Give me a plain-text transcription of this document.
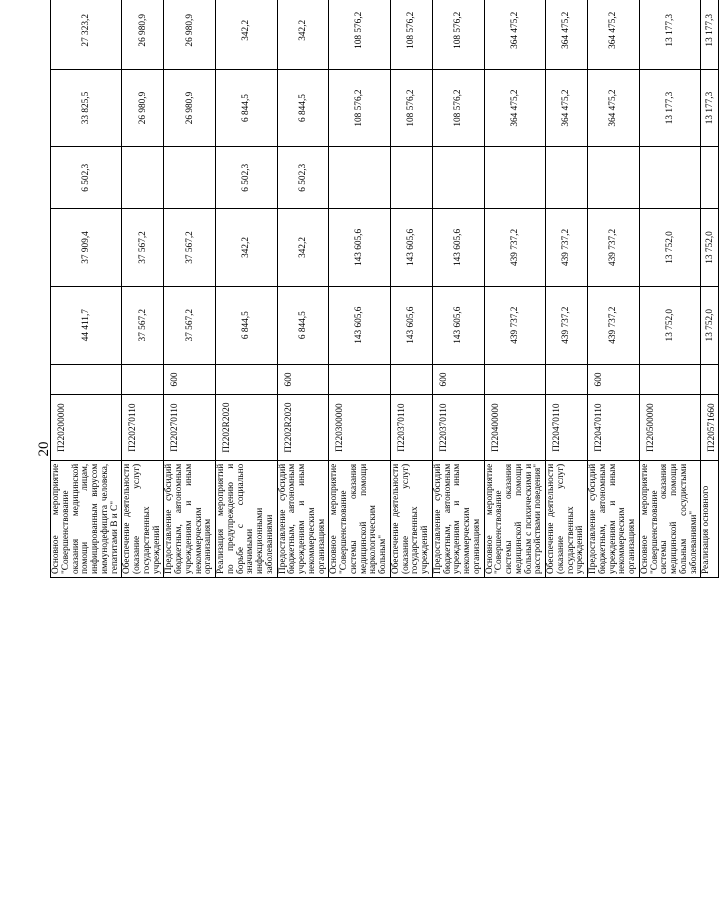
20
Основное мероприятие "Совершенствование оказания медицинской помощи лицам, инфицированным вирусом иммунодефицита человека, гепатитами В и С"	П220200000		44 411,7	37 909,4	6 502,3	33 825,5	27 323,2				
Обеспечение деятельности (оказание услуг) государственных учреждений	П220270110		37 567,2	37 567,2		26 980,9	26 980,9				
Предоставление субсидий бюджетным, автономным учреждениям и иным некоммерческим организациям	П220270110	600	37 567,2	37 567,2		26 980,9	26 980,9				
Реализация мероприятий по предупреждению и борьбе с социально значимыми инфекционными заболеваниями	П2202R2020		6 844,5	342,2	6 502,3	6 844,5	342,2				
Предоставление субсидий бюджетным, автономным учреждениям и иным некоммерческим организациям	П2202R2020	600	6 844,5	342,2	6 502,3	6 844,5	342,2				
Основное мероприятие "Совершенствование системы оказания медицинской помощи наркологическим больным"	П220300000		143 605,6	143 605,6		108 576,2	108 576,2				
Обеспечение деятельности (оказание услуг) государственных учреждений	П220370110		143 605,6	143 605,6		108 576,2	108 576,2				
Предоставление субсидий бюджетным, автономным учреждениям и иным некоммерческим организациям	П220370110	600	143 605,6	143 605,6		108 576,2	108 576,2				
Основное мероприятие "Совершенствование системы оказания медицинской помощи больным с психическими и расстройствами поведения"	П220400000		439 737,2	439 737,2		364 475,2	364 475,2				
Обеспечение деятельности (оказание услуг) государственных учреждений	П220470110		439 737,2	439 737,2		364 475,2	364 475,2				
Предоставление субсидий бюджетным, автономным учреждениям и иным некоммерческим организациям	П220470110	600	439 737,2	439 737,2		364 475,2	364 475,2				
Основное мероприятие "Совершенствование системы оказания медицинской помощи больным сосудистыми заболеваниями"	П220500000		13 752,0	13 752,0		13 177,3	13 177,3				
Реализация основного	П220571660		13 752,0	13 752,0		13 177,3	13 177,3				
